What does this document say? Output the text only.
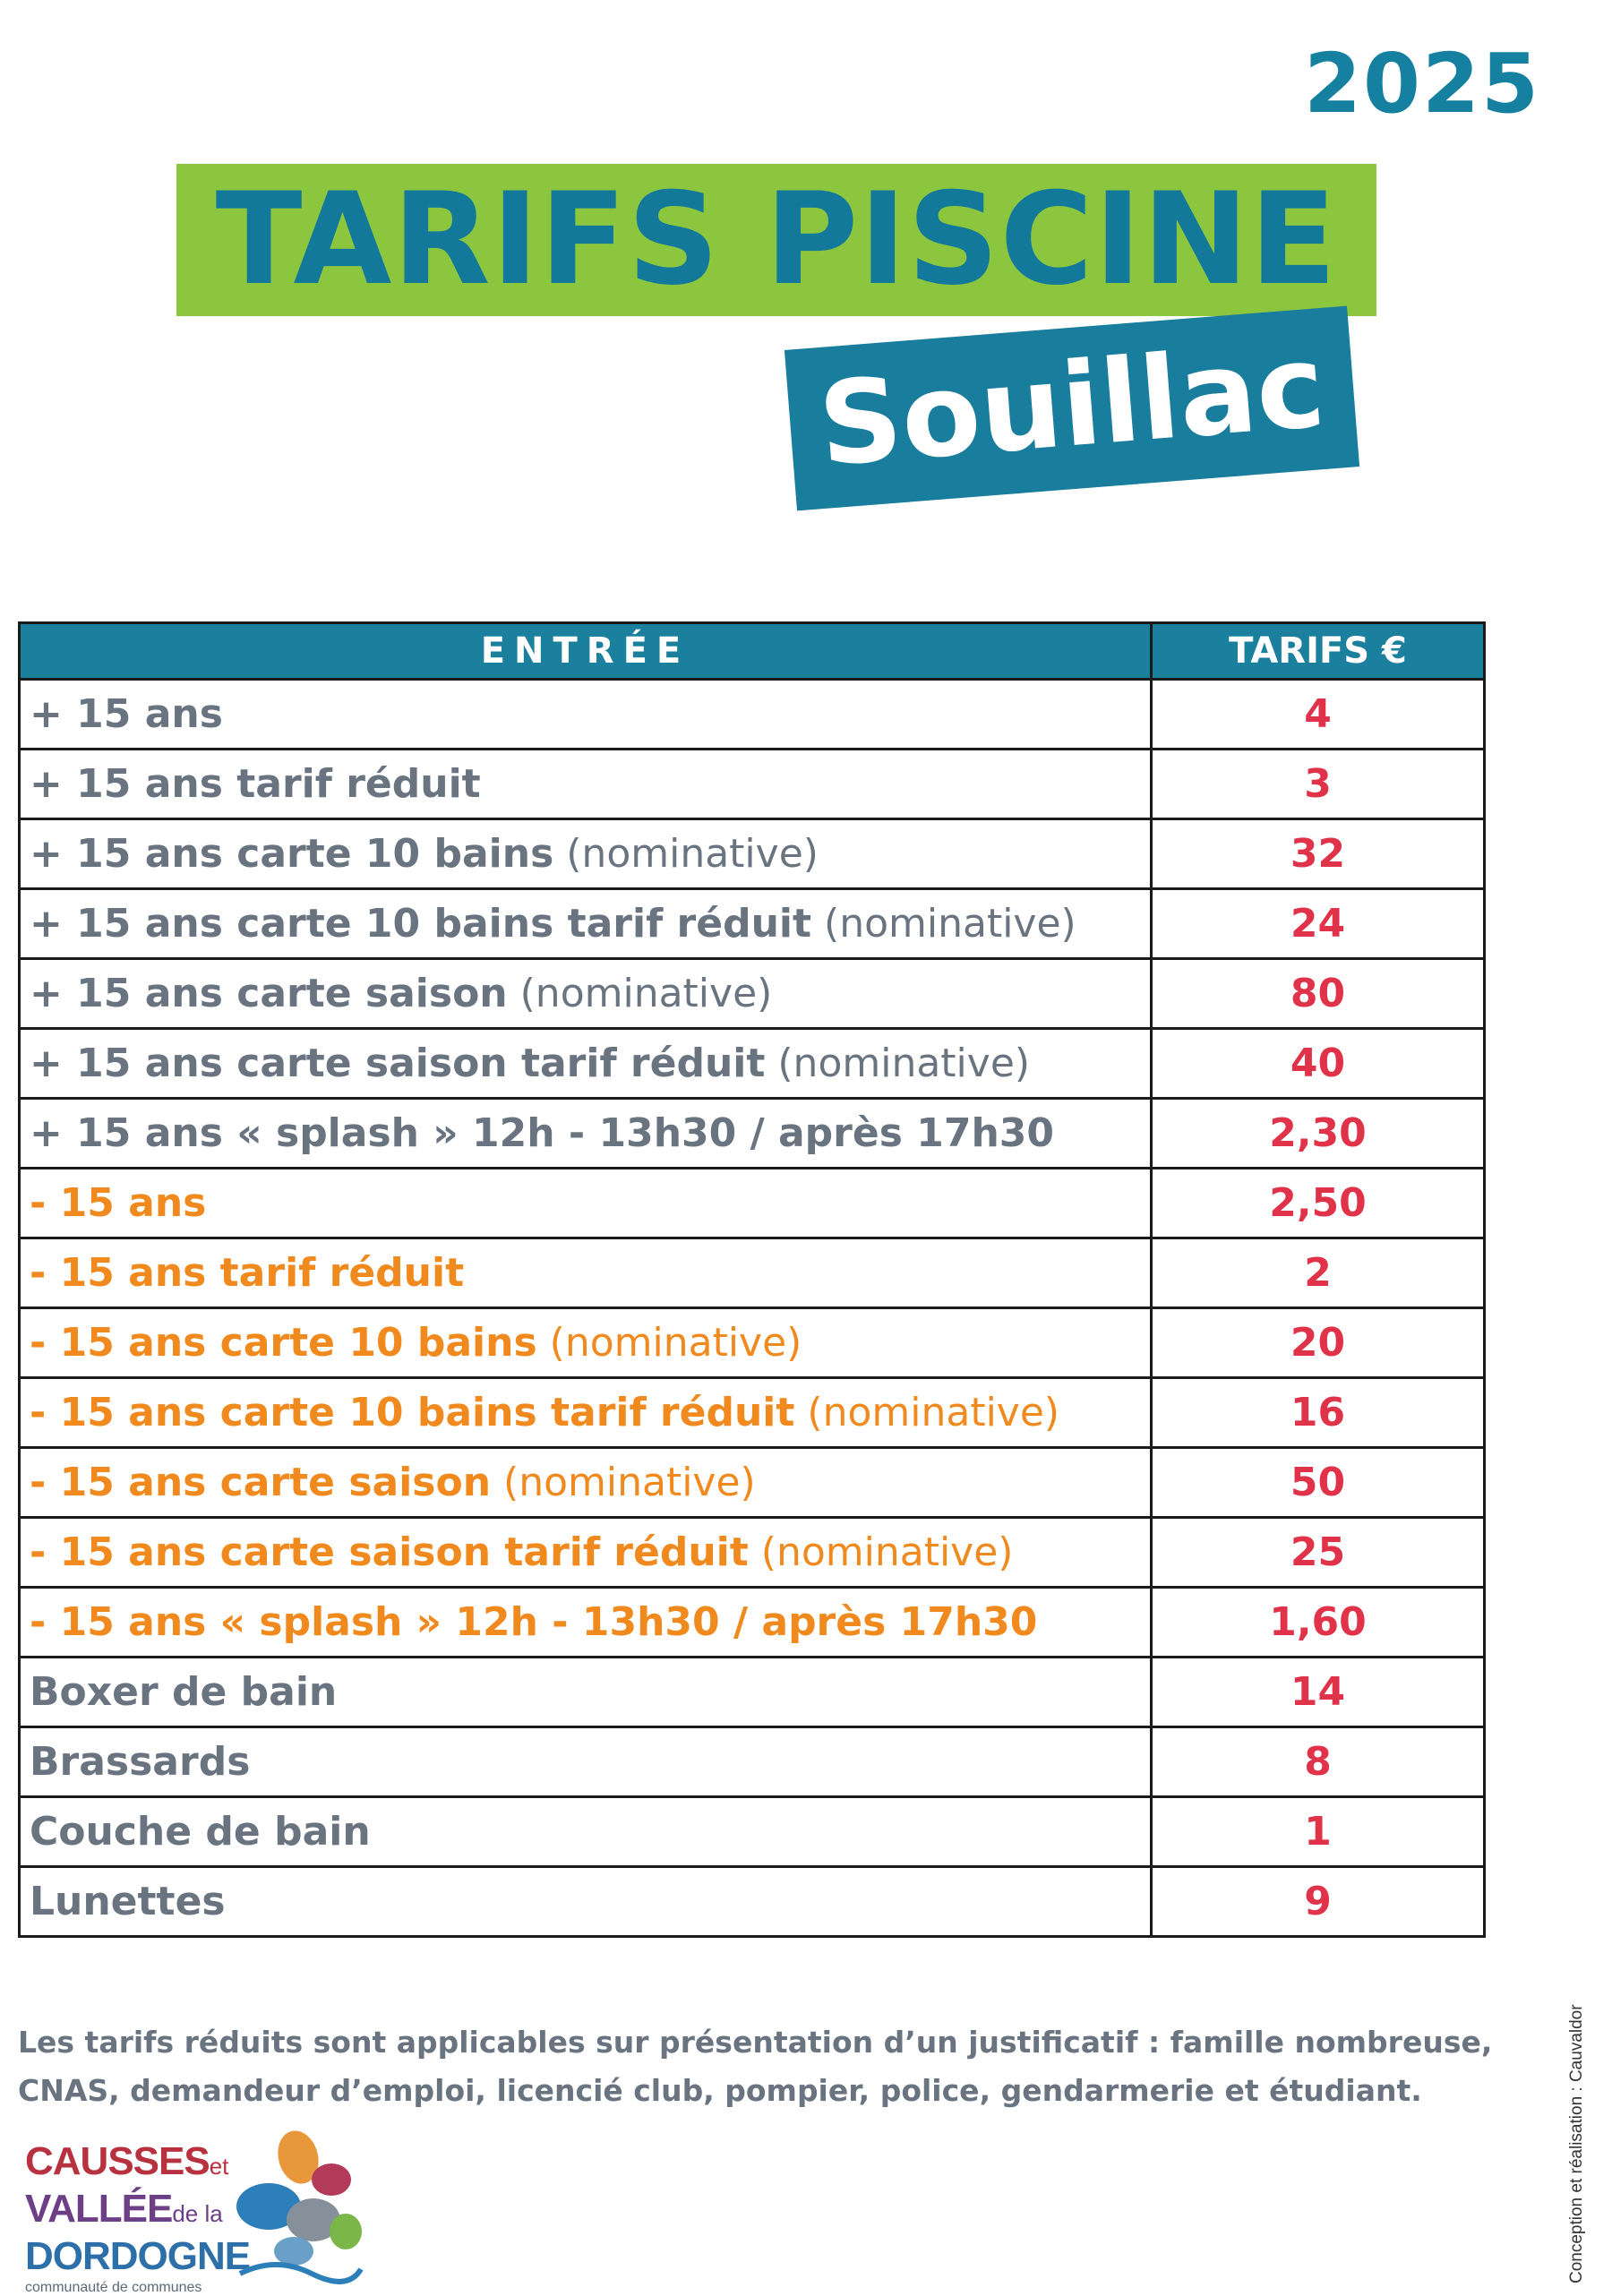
2025
TARIFS PISCINE
Souillac
ENTRÉE	TARIFS €
+ 15 ans	4
+ 15 ans tarif réduit	3
+ 15 ans carte 10 bains (nominative)	32
+ 15 ans carte 10 bains tarif réduit (nominative)	24
+ 15 ans carte saison (nominative)	80
+ 15 ans carte saison tarif réduit (nominative)	40
+ 15 ans « splash » 12h - 13h30 / après 17h30	2,30
- 15 ans	2,50
- 15 ans tarif réduit	2
- 15 ans carte 10 bains (nominative)	20
- 15 ans carte 10 bains tarif réduit (nominative)	16
- 15 ans carte saison (nominative)	50
- 15 ans carte saison tarif réduit (nominative)	25
- 15 ans « splash » 12h - 13h30 / après 17h30	1,60
Boxer de bain	14
Brassards	8
Couche de bain	1
Lunettes	9
Les tarifs réduits sont applicables sur présentation d’un justificatif : famille nombreuse,
CNAS, demandeur d’emploi, licencié club, pompier, police, gendarmerie et étudiant.	Conception et réalisation : Cauvaldor
CAUSSESet
VALLÉEde la
DORDOGNE
communauté de communes
